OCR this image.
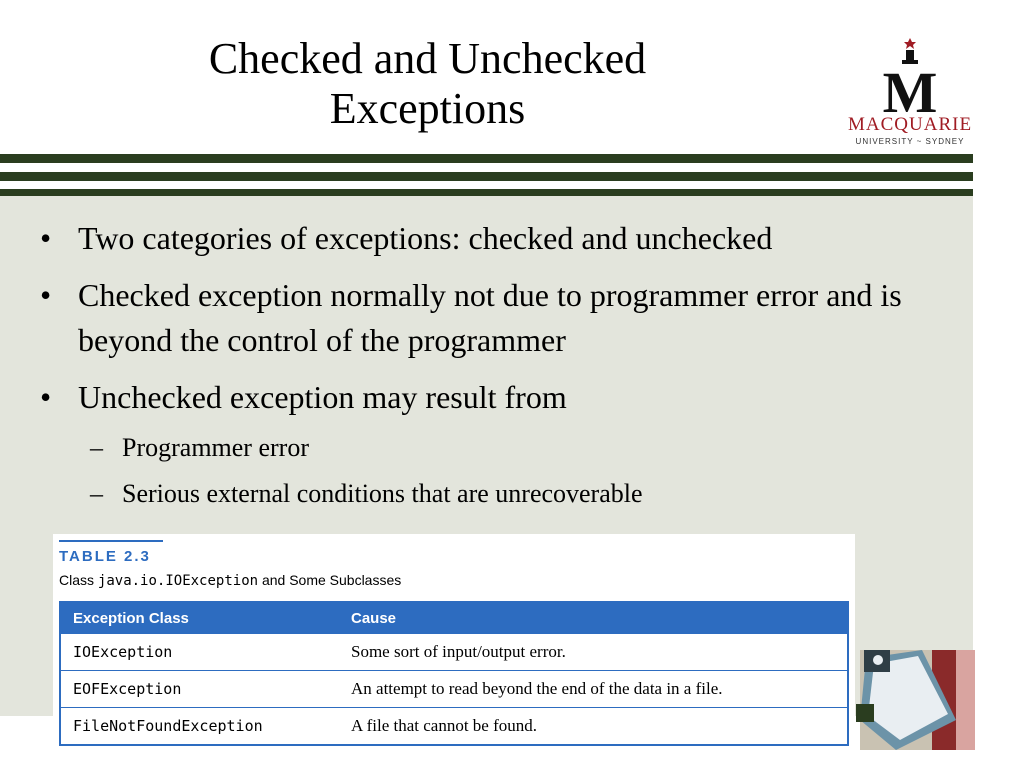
Checked and Unchecked
Exceptions	M
MACQUARIE
UNIVERSITY ~ SYDNEY
• Two categories of exceptions: checked and unchecked
• Checked exception normally not due to programmer error and is beyond the control of the programmer
• Unchecked exception may result from
– Programmer error
– Serious external conditions that are unrecoverable
TABLE 2.3
Class java.io.IOException and Some Subclasses
Exception Class	Cause
IOException	Some sort of input/output error.
EOFException	An attempt to read beyond the end of the data in a file.
FileNotFoundException	A file that cannot be found.
